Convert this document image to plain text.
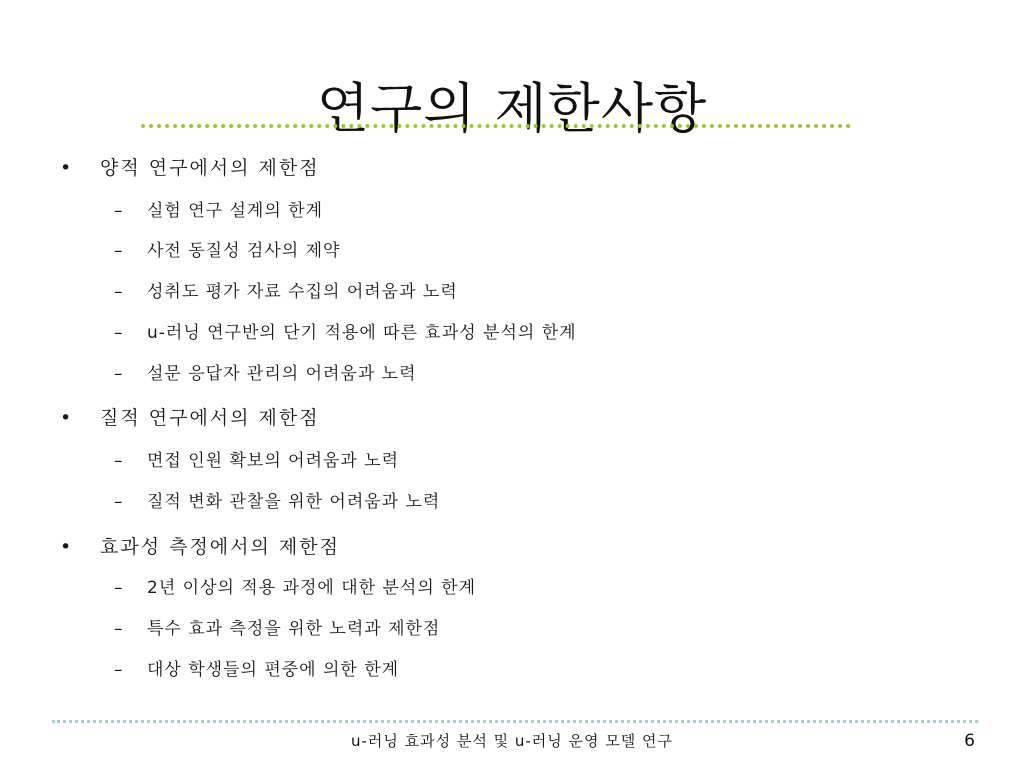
연구의 제한사항
• 양적 연구에서의 제한점
– 실험 연구 설계의 한계
– 사전 동질성 검사의 제약
– 성취도 평가 자료 수집의 어려움과 노력
– u-러닝 연구반의 단기 적용에 따른 효과성 분석의 한계
– 설문 응답자 관리의 어려움과 노력
• 질적 연구에서의 제한점
– 면접 인원 확보의 어려움과 노력
– 질적 변화 관찰을 위한 어려움과 노력
• 효과성 측정에서의 제한점
– 2년 이상의 적용 과정에 대한 분석의 한계
– 특수 효과 측정을 위한 노력과 제한점
– 대상 학생들의 편중에 의한 한계
u-러닝 효과성 분석 및 u-러닝 운영 모델 연구	6
